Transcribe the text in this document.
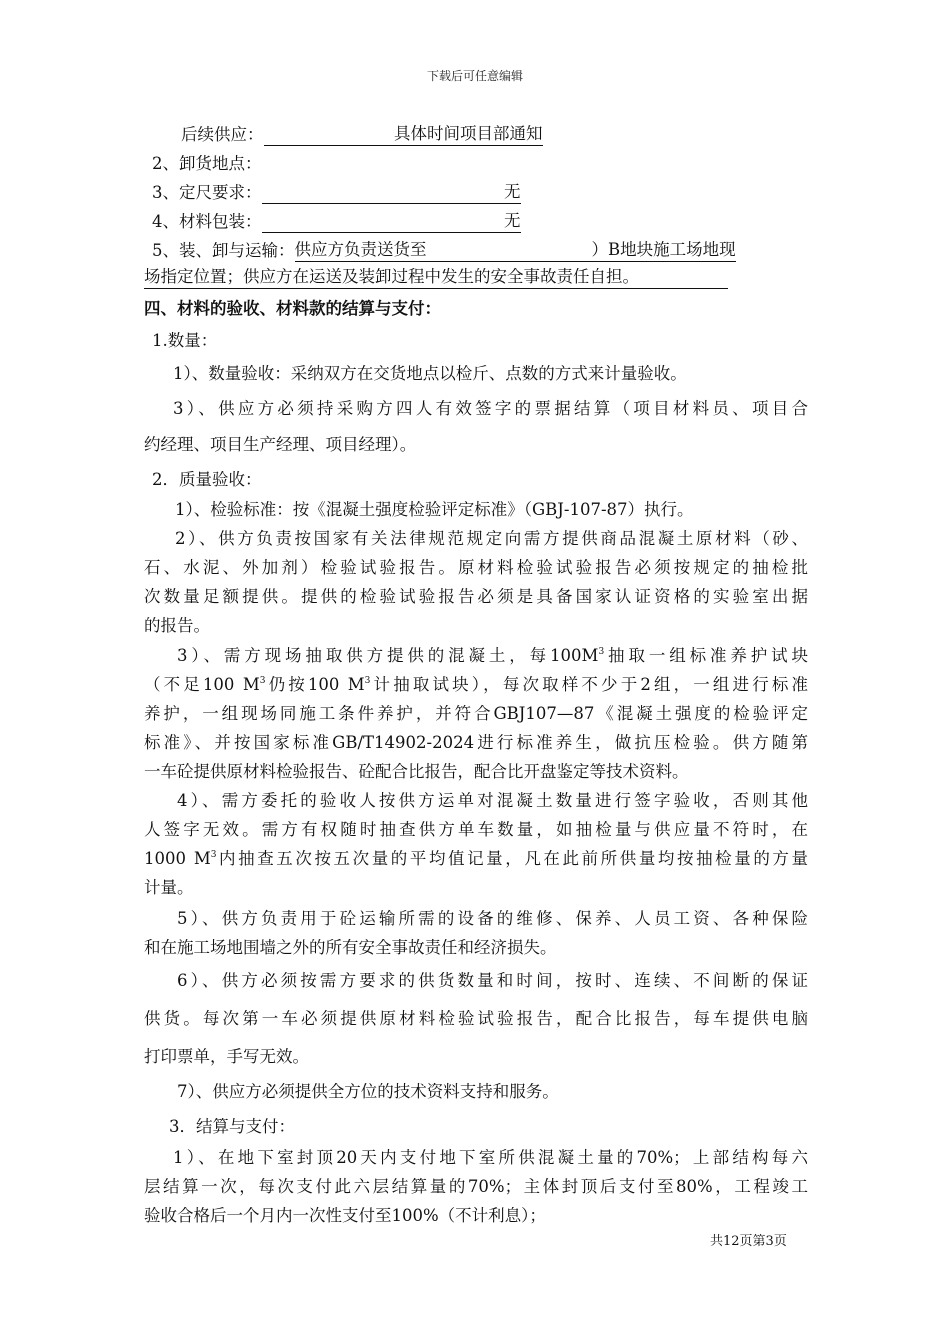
下载后可任意编辑
后续供应：	具体时间项目部通知
2、卸货地点：
3、定尺要求：	无
4、材料包装：	无
5、装、卸与运输：供应方负责送货至	）B地块施工场地现
场指定位置；供应方在运送及装卸过程中发生的安全事故责任自担。
四、材料的验收、材料款的结算与支付：
1.数量：
1）、数量验收：采纳双方在交货地点以检斤、点数的方式来计量验收。
3）、供应方必须持采购方四人有效签字的票据结算（项目材料员、项目合
约经理、项目生产经理、项目经理）。
2．质量验收：
1）、检验标准：按《混凝土强度检验评定标准》（GBJ-107-87）执行。
2）、供方负责按国家有关法律规范规定向需方提供商品混凝土原材料（砂、
石、水泥、外加剂）检验试验报告。原材料检验试验报告必须按规定的抽检批
次数量足额提供。提供的检验试验报告必须是具备国家认证资格的实验室出据
的报告。
3）、需方现场抽取供方提供的混凝土，每$100M^3$抽取一组标准养护试块
（不足100 $M^3$仍按100 $M^3$计抽取试块），每次取样不少于2组，一组进行标准
养护，一组现场同施工条件养护，并符合GBJ107—87《混凝土强度的检验评定
标准》、并按国家标准GB/T14902-2024进行标准养生，做抗压检验。供方随第
一车砼提供原材料检验报告、砼配合比报告，配合比开盘鉴定等技术资料。
4）、需方委托的验收人按供方运单对混凝土数量进行签字验收，否则其他
人签字无效。需方有权随时抽查供方单车数量，如抽检量与供应量不符时，在
1000 $M^3$内抽查五次按五次量的平均值记量，凡在此前所供量均按抽检量的方量
计量。
5）、供方负责用于砼运输所需的设备的维修、保养、人员工资、各种保险
和在施工场地围墙之外的所有安全事故责任和经济损失。
6）、供方必须按需方要求的供货数量和时间，按时、连续、不间断的保证
供货。每次第一车必须提供原材料检验试验报告，配合比报告，每车提供电脑
打印票单，手写无效。
7）、供应方必须提供全方位的技术资料支持和服务。
3．结算与支付：
1）、在地下室封顶20天内支付地下室所供混凝土量的70%；上部结构每六
层结算一次，每次支付此六层结算量的70%；主体封顶后支付至80%，工程竣工
验收合格后一个月内一次性支付至100%（不计利息）；
共12页第3页
